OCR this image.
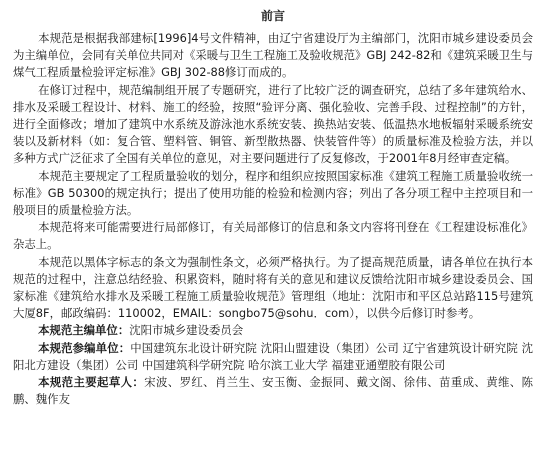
前言

本规范是根据我部建标[1996]4号文件精神，由辽宁省建设厅为主编部门，沈阳市城乡建设委员会为主编单位，会同有关单位共同对《采暖与卫生工程施工及验收规范》GBJ 242-82和《建筑采暖卫生与煤气工程质量检验评定标准》GBJ 302-88修订而成的。

在修订过程中，规范编制组开展了专题研究，进行了比较广泛的调查研究，总结了多年建筑给水、排水及采暖工程设计、材料、施工的经验，按照“验评分离、强化验收、完善手段、过程控制”的方针，进行全面修改；增加了建筑中水系统及游泳池水系统安装、换热站安装、低温热水地板辐射采暖系统安装以及新材料（如：复合管、塑料管、铜管、新型散热器、快装管件等）的质量标准及检验方法，并以多种方式广泛征求了全国有关单位的意见，对主要问题进行了反复修改，于2001年8月经审查定稿。

本规范主要规定了工程质量验收的划分，程序和组织应按照国家标准《建筑工程施工质量验收统一标准》GB 50300的规定执行；提出了使用功能的检验和检测内容；列出了各分项工程中主控项目和一般项目的质量检验方法。

本规范将来可能需要进行局部修订，有关局部修订的信息和条文内容将刊登在《工程建设标准化》杂志上。

本规范以黑体字标志的条文为强制性条文，必须严格执行。为了提高规范质量，请各单位在执行本规范的过程中，注意总结经验、积累资料，随时将有关的意见和建议反馈给沈阳市城乡建设委员会、国家标准《建筑给水排水及采暖工程施工质量验收规范》管理组（地址：沈阳市和平区总站路115号建筑大厦8F，邮政编码：110002，EMAIL：songbo75@sohu．com），以供今后修订时参考。

本规范主编单位：沈阳市城乡建设委员会

本规范参编单位：中国建筑东北设计研究院 沈阳山盟建设（集团）公司 辽宁省建筑设计研究院 沈阳北方建设（集团）公司 中国建筑科学研究院 哈尔滨工业大学 福建亚通塑胶有限公司

本规范主要起草人：宋波、罗红、肖兰生、安玉衡、金振同、戴文阁、徐伟、苗重成、黄维、陈鹏、魏作友
